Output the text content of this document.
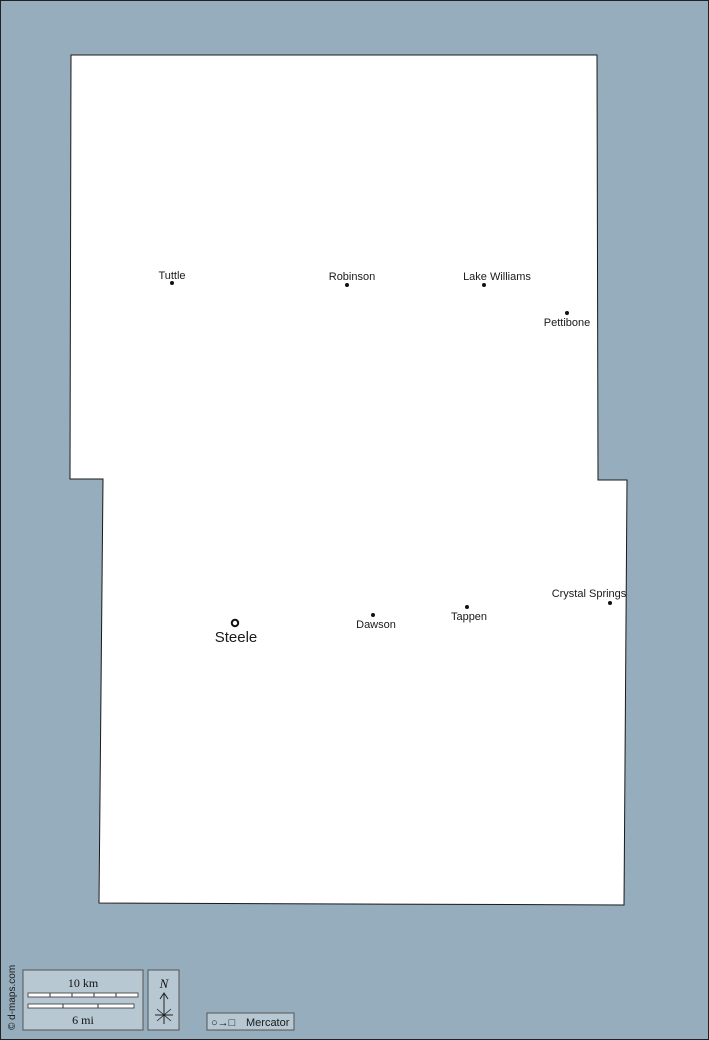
Tuttle	Robinson	Lake Williams
Pettibone
Crystal Springs
Steele
Dawson
Tappen
© d-maps.com	10 km
6 mi
N
○→□ Mercator
